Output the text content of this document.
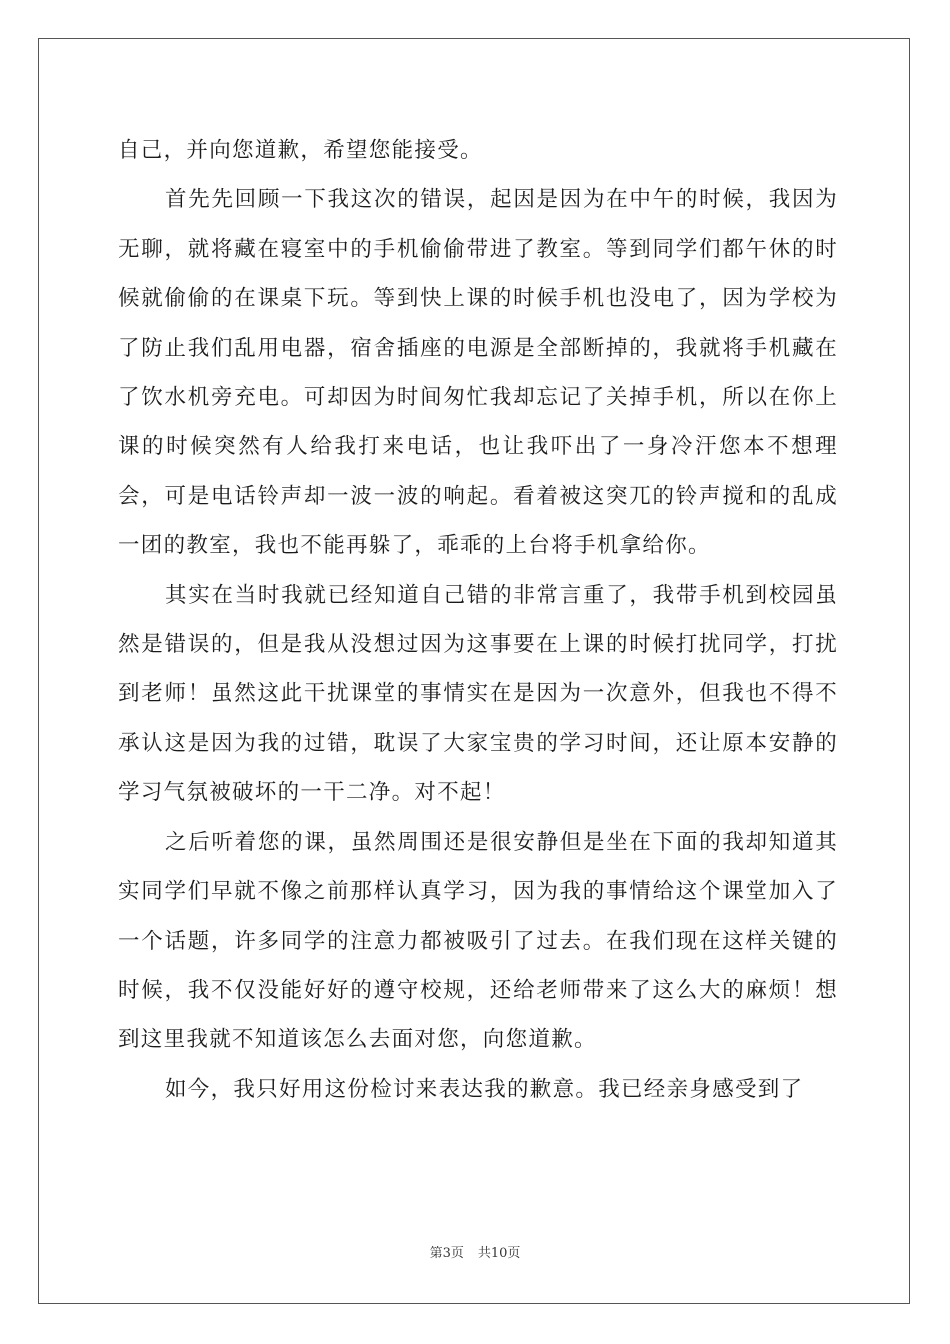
自己，并向您道歉，希望您能接受。

首先先回顾一下我这次的错误，起因是因为在中午的时候，我因为无聊，就将藏在寝室中的手机偷偷带进了教室。等到同学们都午休的时候就偷偷的在课桌下玩。等到快上课的时候手机也没电了，因为学校为了防止我们乱用电器，宿舍插座的电源是全部断掉的，我就将手机藏在了饮水机旁充电。可却因为时间匆忙我却忘记了关掉手机，所以在你上课的时候突然有人给我打来电话，也让我吓出了一身冷汗您本不想理会，可是电话铃声却一波一波的响起。看着被这突兀的铃声搅和的乱成一团的教室，我也不能再躲了，乖乖的上台将手机拿给你。

其实在当时我就已经知道自己错的非常言重了，我带手机到校园虽然是错误的，但是我从没想过因为这事要在上课的时候打扰同学，打扰到老师！虽然这此干扰课堂的事情实在是因为一次意外，但我也不得不承认这是因为我的过错，耽误了大家宝贵的学习时间，还让原本安静的学习气氛被破坏的一干二净。对不起！

之后听着您的课，虽然周围还是很安静但是坐在下面的我却知道其实同学们早就不像之前那样认真学习，因为我的事情给这个课堂加入了一个话题，许多同学的注意力都被吸引了过去。在我们现在这样关键的时候，我不仅没能好好的遵守校规，还给老师带来了这么大的麻烦！想到这里我就不知道该怎么去面对您，向您道歉。

如今，我只好用这份检讨来表达我的歉意。我已经亲身感受到了

第3页 共10页
